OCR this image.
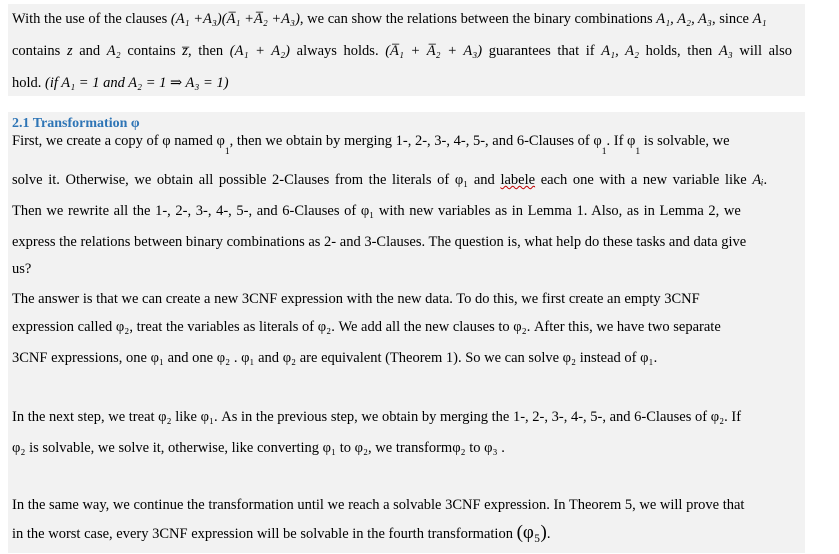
With the use of the clauses (A₁ +A₃)(A̅₁ +A̅₂ +A₃), we can show the relations between the binary combinations A₁, A₂, A₃, since A₁
contains z and A₂ contains z̅, then (A₁ + A₂) always holds. (A̅₁ + A̅₂ + A₃) guarantees that if A₁, A₂ holds, then A₃ will also
hold. (if A₁ = 1 and A₂ = 1 ⇒ A₃ = 1)
2.1 Transformation φ
First, we create a copy of φ named $\varphi_1$, then we obtain by merging 1-, 2-, 3-, 4-, 5-, and 6-Clauses of $\varphi_1$. If $\varphi_1$ is solvable, we
solve it. Otherwise, we obtain all possible 2-Clauses from the literals of φ₁ and labele each one with a new variable like Aᵢ.
Then we rewrite all the 1-, 2-, 3-, 4-, 5-, and 6-Clauses of φ₁ with new variables as in Lemma 1. Also, as in Lemma 2, we
express the relations between binary combinations as 2- and 3-Clauses. The question is, what help do these tasks and data give
us?
The answer is that we can create a new 3CNF expression with the new data. To do this, we first create an empty 3CNF
expression called φ₂, treat the variables as literals of φ₂. We add all the new clauses to φ₂. After this, we have two separate
3CNF expressions, one φ₁ and one φ₂ . φ₁ and φ₂ are equivalent (Theorem 1). So we can solve φ₂ instead of φ₁.
In the next step, we treat φ₂ like φ₁. As in the previous step, we obtain by merging the 1-, 2-, 3-, 4-, 5-, and 6-Clauses of φ₂. If
φ₂ is solvable, we solve it, otherwise, like converting φ₁ to φ₂, we transformφ₂ to φ₃ .
In the same way, we continue the transformation until we reach a solvable 3CNF expression. In Theorem 5, we will prove that
in the worst case, every 3CNF expression will be solvable in the fourth transformation (φ₅).
